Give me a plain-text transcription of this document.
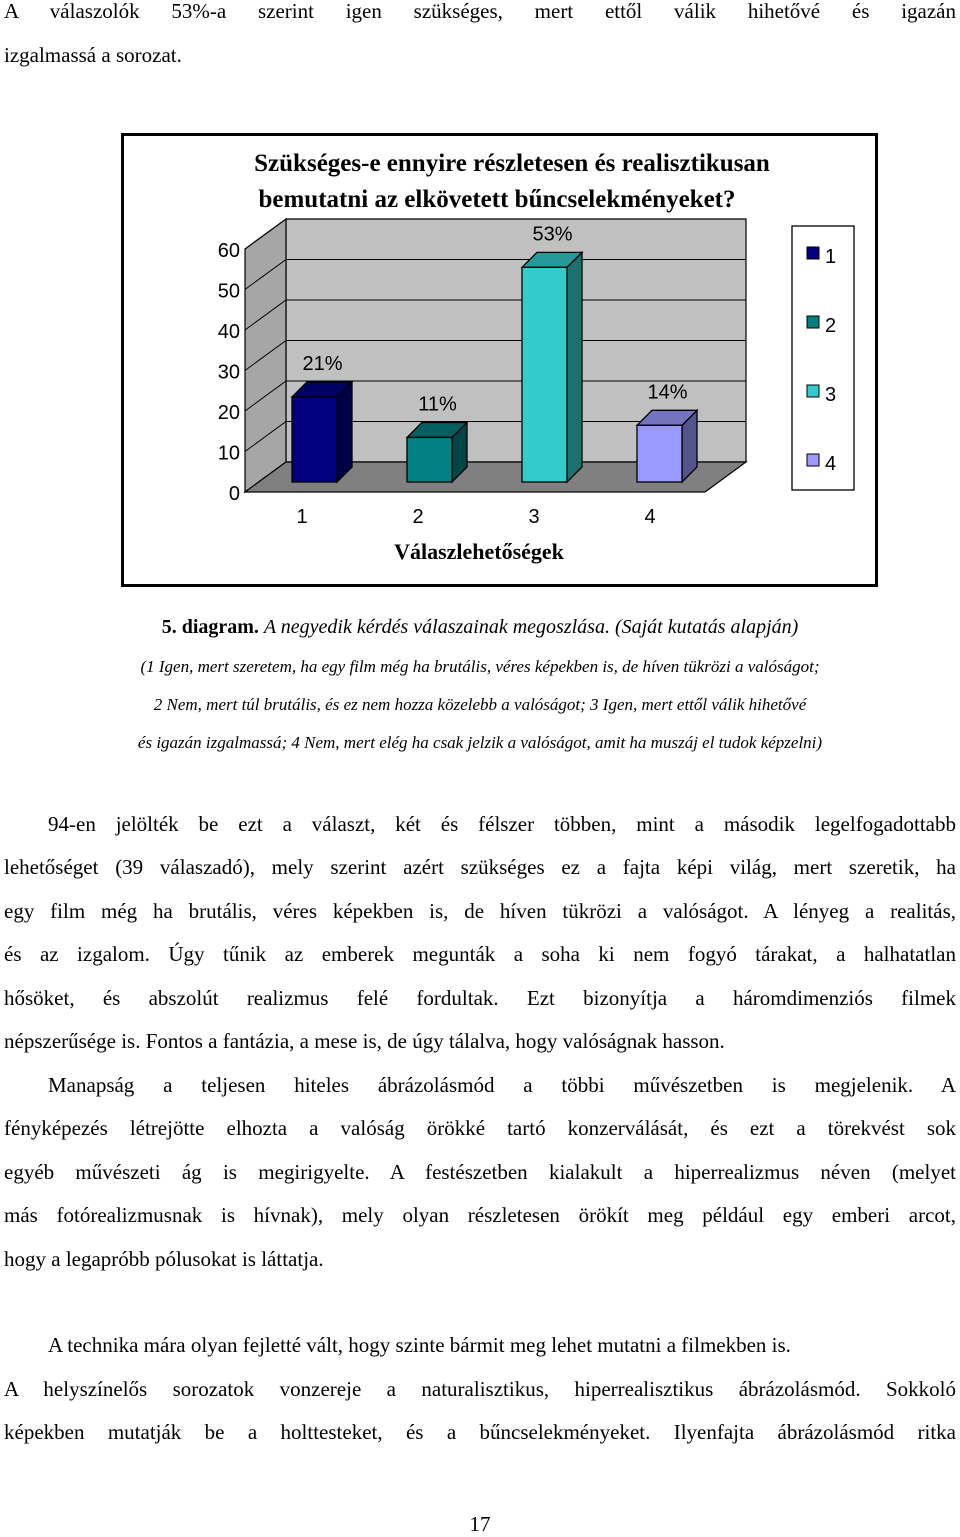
A válaszolók 53%-a szerint igen szükséges, mert ettől válik hihetővé és igazán
izgalmassá a sorozat.
Szükséges-e ennyire részletesen és realisztikusan
bemutatni az elkövetett bűncselekményeket?
0
10
20
30
40
50
60
21%
1
11%
2
53%
3
14%
4
Válaszlehetőségek
1
2
3
4
5. diagram. A negyedik kérdés válaszainak megoszlása. (Saját kutatás alapján)
(1 Igen, mert szeretem, ha egy film még ha brutális, véres képekben is, de híven tükrözi a valóságot;
2 Nem, mert túl brutális, és ez nem hozza közelebb a valóságot; 3 Igen, mert ettől válik hihetővé
és igazán izgalmassá; 4 Nem, mert elég ha csak jelzik a valóságot, amit ha muszáj el tudok képzelni)
94-en jelölték be ezt a választ, két és félszer többen, mint a második legelfogadottabb
lehetőséget (39 válaszadó), mely szerint azért szükséges ez a fajta képi világ, mert szeretik, ha
egy film még ha brutális, véres képekben is, de híven tükrözi a valóságot. A lényeg a realitás,
és az izgalom. Úgy tűnik az emberek megunták a soha ki nem fogyó tárakat, a halhatatlan
hősöket, és abszolút realizmus felé fordultak. Ezt bizonyítja a háromdimenziós filmek
népszerűsége is. Fontos a fantázia, a mese is, de úgy tálalva, hogy valóságnak hasson.
Manapság a teljesen hiteles ábrázolásmód a többi művészetben is megjelenik. A
fényképezés létrejötte elhozta a valóság örökké tartó konzerválását, és ezt a törekvést sok
egyéb művészeti ág is megirigyelte. A festészetben kialakult a hiperrealizmus néven (melyet
más fotórealizmusnak is hívnak), mely olyan részletesen örökít meg például egy emberi arcot,
hogy a legapróbb pólusokat is láttatja.
A technika mára olyan fejletté vált, hogy szinte bármit meg lehet mutatni a filmekben is.
A helyszínelős sorozatok vonzereje a naturalisztikus, hiperrealisztikus ábrázolásmód. Sokkoló
képekben mutatják be a holttesteket, és a bűncselekményeket. Ilyenfajta ábrázolásmód ritka
17
